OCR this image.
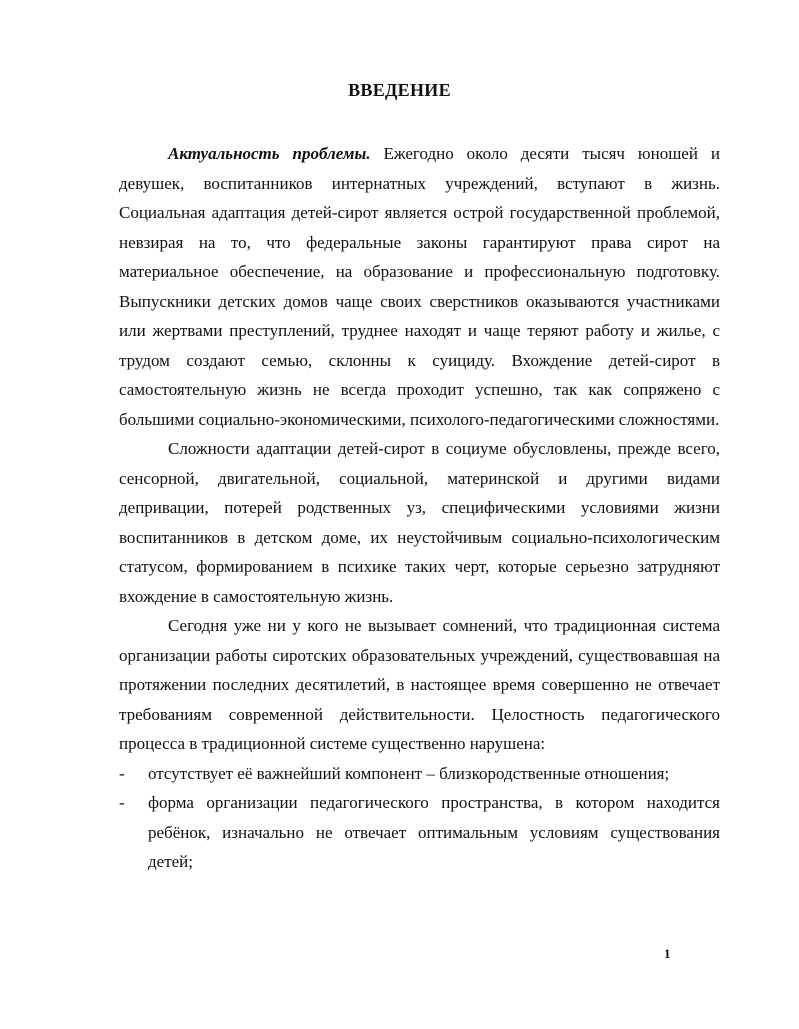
ВВЕДЕНИЕ

Актуальность проблемы. Ежегодно около десяти тысяч юношей и девушек, воспитанников интернатных учреждений, вступают в жизнь. Социальная адаптация детей-сирот является острой государственной проблемой, невзирая на то, что федеральные законы гарантируют права сирот на материальное обеспечение, на образование и профессиональную подготовку. Выпускники детских домов чаще своих сверстников оказываются участниками или жертвами преступлений, труднее находят и чаще теряют работу и жилье, с трудом создают семью, склонны к суициду. Вхождение детей-сирот в самостоятельную жизнь не всегда проходит успешно, так как сопряжено с большими социально-экономическими, психолого-педагогическими сложностями.

Сложности адаптации детей-сирот в социуме обусловлены, прежде всего, сенсорной, двигательной, социальной, материнской и другими видами депривации, потерей родственных уз, специфическими условиями жизни воспитанников в детском доме, их неустойчивым социально-психологическим статусом, формированием в психике таких черт, которые серьезно затрудняют вхождение в самостоятельную жизнь.

Сегодня уже ни у кого не вызывает сомнений, что традиционная система организации работы сиротских образовательных учреждений, существовавшая на протяжении последних десятилетий, в настоящее время совершенно не отвечает требованиям современной действительности. Целостность педагогического процесса в традиционной системе существенно нарушена:

-	отсутствует её важнейший компонент – близкородственные отношения;
-	форма организации педагогического пространства, в котором находится ребёнок, изначально не отвечает оптимальным условиям существования детей;
1
